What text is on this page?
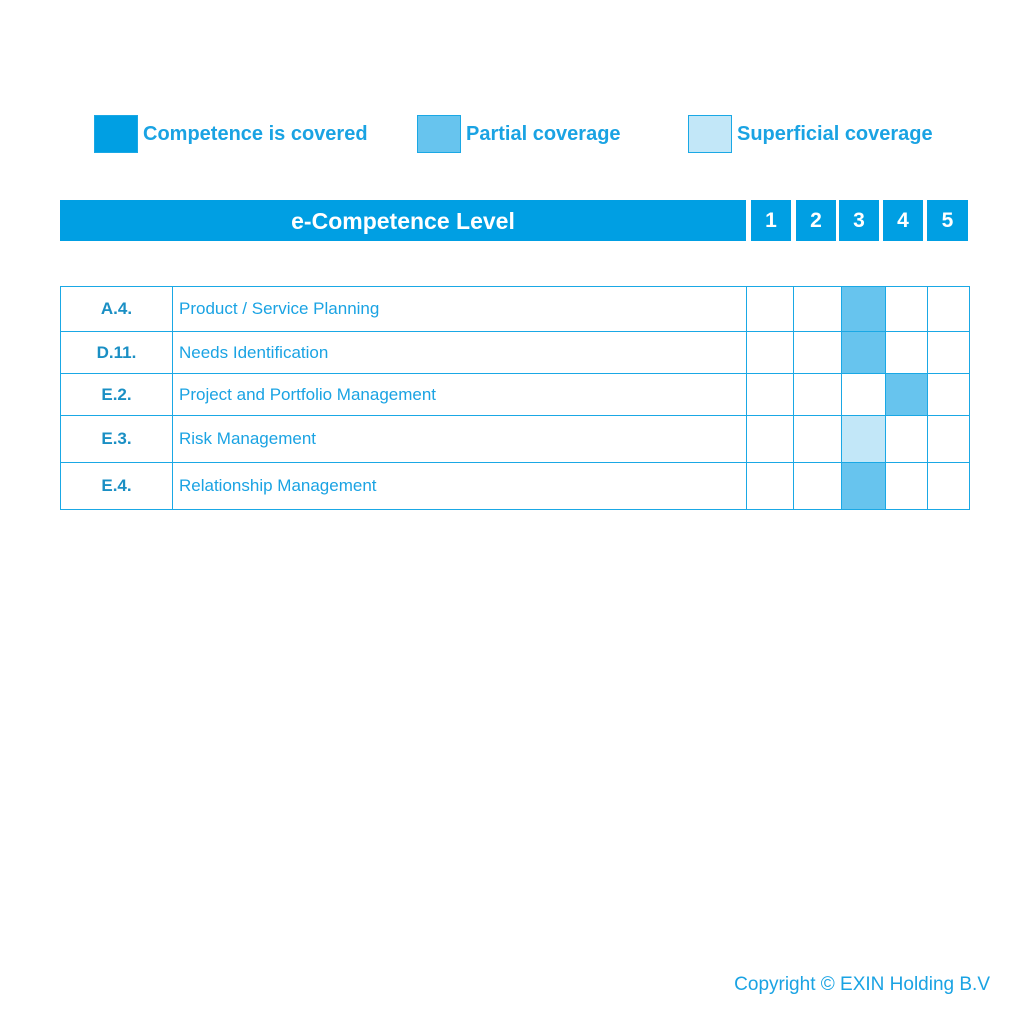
Competence is covered	Partial coverage	Superficial coverage
e-Competence Level	1	2	3	4	5
A.4.	Product / Service Planning					
D.11.	Needs Identification					
E.2.	Project and Portfolio Management					
E.3.	Risk Management					
E.4.	Relationship Management					
Copyright © EXIN Holding B.V
